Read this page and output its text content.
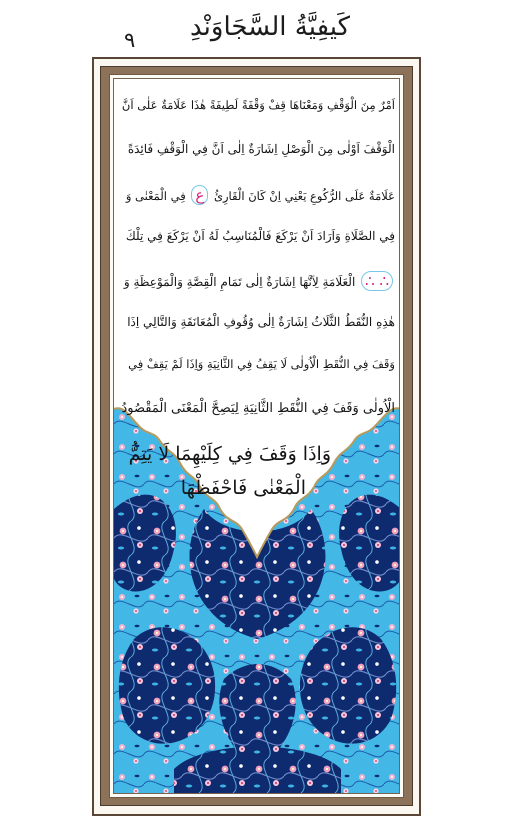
٩	كَيفِيَّةُ السَّجَاوَنْدِ
اَمْرٌ مِنَ الْوَقْفِ وَمَعْنَاهَا قِفْ وَقْفَةً لَطِيفَةً هٰذَا عَلَامَةٌ عَلٰى اَنَّ
الْوَقْفَ اَوْلٰى مِنَ الْوَصْلِ اِشَارَةٌ اِلٰى اَنَّ فِي الْوَقْفِ فَائِدَةً
عَلَامَةٌ عَلَى الرُّكُوعِ يَعْنِي اِنْ كَانَ الْقَارِئُ ع فِي الْمَعْنٰى وَ
فِي الصَّلَاةِ وَاَرَادَ اَنْ يَرْكَعَ فَالْمُنَاسِبُ لَهُ اَنْ يَرْكَعَ فِي تِلْكَ
∴ ∴ الْعَلَامَةِ لِاَنَّهَا اِشَارَةٌ اِلٰى تَمَامِ الْقِصَّةِ وَالْمَوْعِظَةِ وَ
هٰذِهِ النُّقَطُ الثَّلَاثُ اِشَارَةٌ اِلٰى وُقُوفِ الْمُعَانَقَةِ وَالتَّالِي اِذَا
وَقَفَ فِي النُّقَطِ الْاُولٰى لَا يَقِفُ فِي الثَّانِيَةِ وَاِذَا لَمْ يَقِفْ فِي
الْاُولٰى وَقَفَ فِي النُّقَطِ الثَّانِيَةِ لِيَصِحَّ الْمَعْنَى الْمَقْصُودُ
وَاِذَا وَقَفَ فِي كِلَيْهِمَا لَا يَتِمُّ
الْمَعْنٰى فَاحْفَظْهَا
